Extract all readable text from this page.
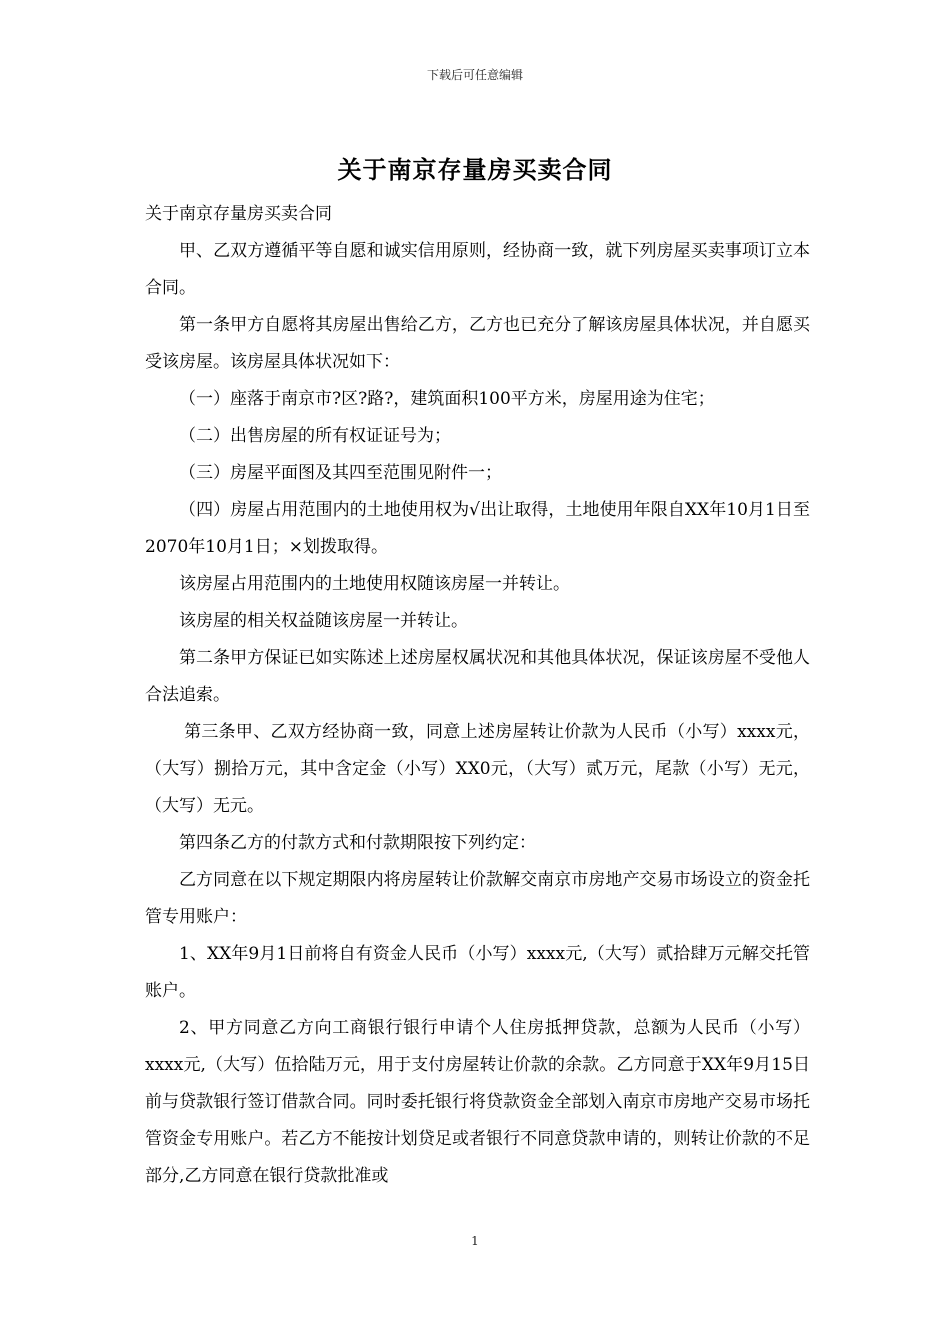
下载后可任意编辑
关于南京存量房买卖合同

关于南京存量房买卖合同

甲、乙双方遵循平等自愿和诚实信用原则，经协商一致，就下列房屋买卖事项订立本合同。

第一条甲方自愿将其房屋出售给乙方，乙方也已充分了解该房屋具体状况，并自愿买受该房屋。该房屋具体状况如下：

（一）座落于南京市?区?路?，建筑面积100平方米，房屋用途为住宅；

（二）出售房屋的所有权证证号为；

（三）房屋平面图及其四至范围见附件一；

（四）房屋占用范围内的土地使用权为√出让取得，土地使用年限自XX年10月1日至2070年10月1日；×划拨取得。

该房屋占用范围内的土地使用权随该房屋一并转让。

该房屋的相关权益随该房屋一并转让。

第二条甲方保证已如实陈述上述房屋权属状况和其他具体状况，保证该房屋不受他人合法追索。

第三条甲、乙双方经协商一致，同意上述房屋转让价款为人民币（小写）xxxx元，（大写）捌拾万元，其中含定金（小写）XX0元，（大写）贰万元，尾款（小写）无元，（大写）无元。

第四条乙方的付款方式和付款期限按下列约定：

乙方同意在以下规定期限内将房屋转让价款解交南京市房地产交易市场设立的资金托管专用账户：

1、XX年9月1日前将自有资金人民币（小写）xxxx元,（大写）贰拾肆万元解交托管账户。

2、甲方同意乙方向工商银行银行申请个人住房抵押贷款，总额为人民币（小写）xxxx元,（大写）伍拾陆万元，用于支付房屋转让价款的余款。乙方同意于XX年9月15日前与贷款银行签订借款合同。同时委托银行将贷款资金全部划入南京市房地产交易市场托管资金专用账户。若乙方不能按计划贷足或者银行不同意贷款申请的，则转让价款的不足部分,乙方同意在银行贷款批准或

1
